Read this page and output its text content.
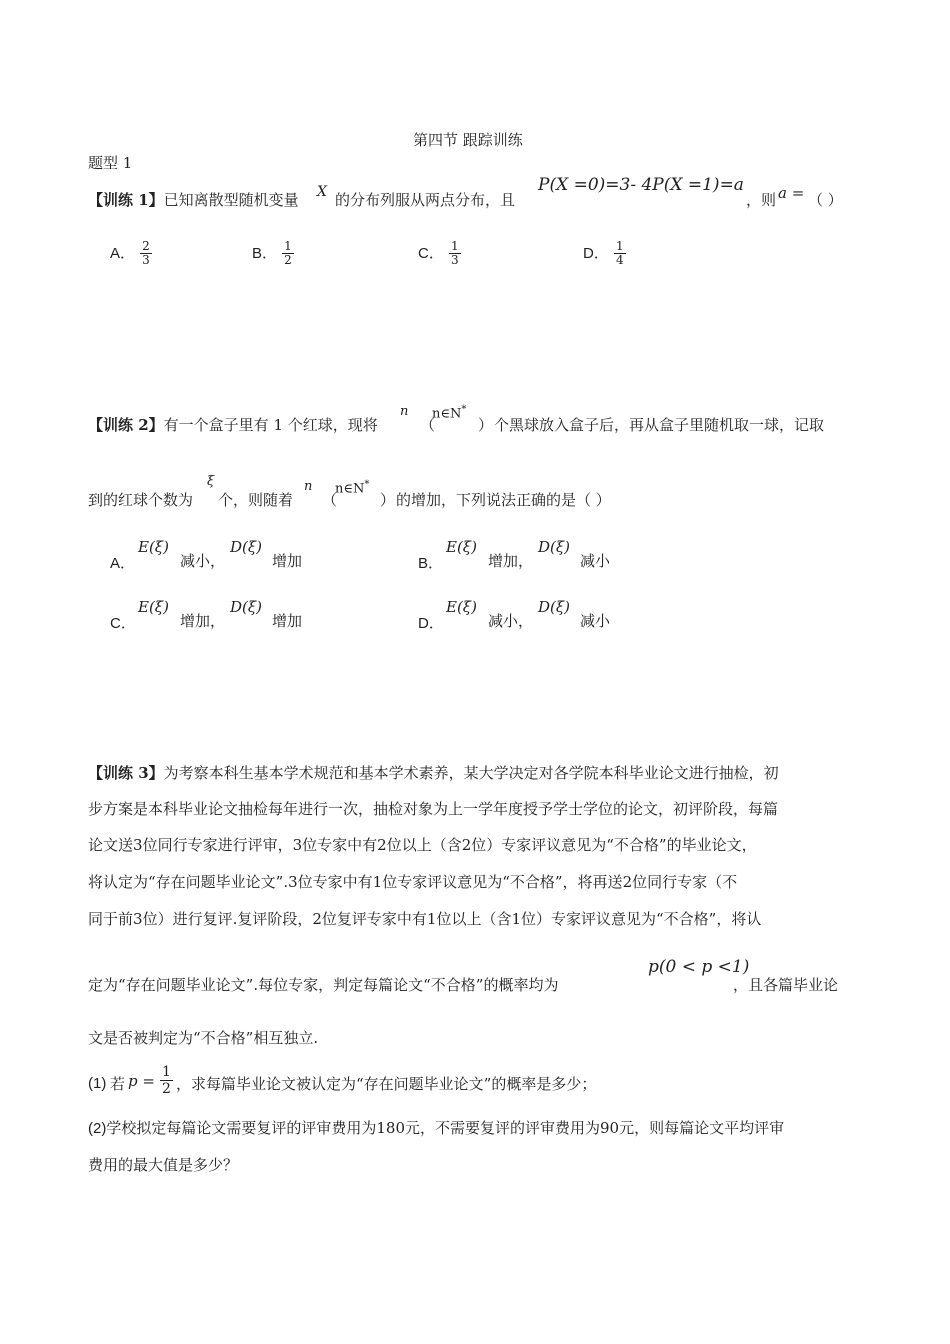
第四节 跟踪训练
题型 1
【训练 1】已知离散型随机变量 X 的分布列服从两点分布，且
P(X =0)=3- 4P(X =1)=a
，则 a = （ ）
A． $\frac{2}{3}$	B． $\frac{1}{2}$	C． $\frac{1}{3}$	D． $\frac{1}{4}$
【训练 2】有一个盒子里有 1 个红球，现将
n
（
n∈N*
） 个黑球放入盒子后，再从盒子里随机取一球，记取
到的红球个数为
ξ
个，则随着
n
（
n∈N*
） 的增加，下列说法正确的是（ ）
A．
E(ξ)
减小，
D(ξ)
增加	B．
E(ξ)
增加，
D(ξ)
减小
C．
E(ξ)
增加，
D(ξ)
增加	D．
E(ξ)
减小，
D(ξ)
减小
【训练 3】为考察本科生基本学术规范和基本学术素养，某大学决定对各学院本科毕业论文进行抽检，初
步方案是本科毕业论文抽检每年进行一次，抽检对象为上一学年度授予学士学位的论文，初评阶段，每篇
论文送3位同行专家进行评审，3位专家中有2位以上（含2位）专家评议意见为“不合格”的毕业论文，
将认定为“存在问题毕业论文”.3位专家中有1位专家评议意见为“不合格”，将再送2位同行专家（不
同于前3位）进行复评.复评阶段，2位复评专家中有1位以上（含1位）专家评议意见为“不合格”，将认
定为“存在问题毕业论文”.每位专家，判定每篇论文“不合格”的概率均为
p(0 < p <1)
，且各篇毕业论
文是否被判定为“不合格”相互独立.
(1) 若 p = 1
2 ，求每篇毕业论文被认定为“存在问题毕业论文”的概率是多少；
(2)学校拟定每篇论文需要复评的评审费用为180元，不需要复评的评审费用为90元，则每篇论文平均评审
费用的最大值是多少？
